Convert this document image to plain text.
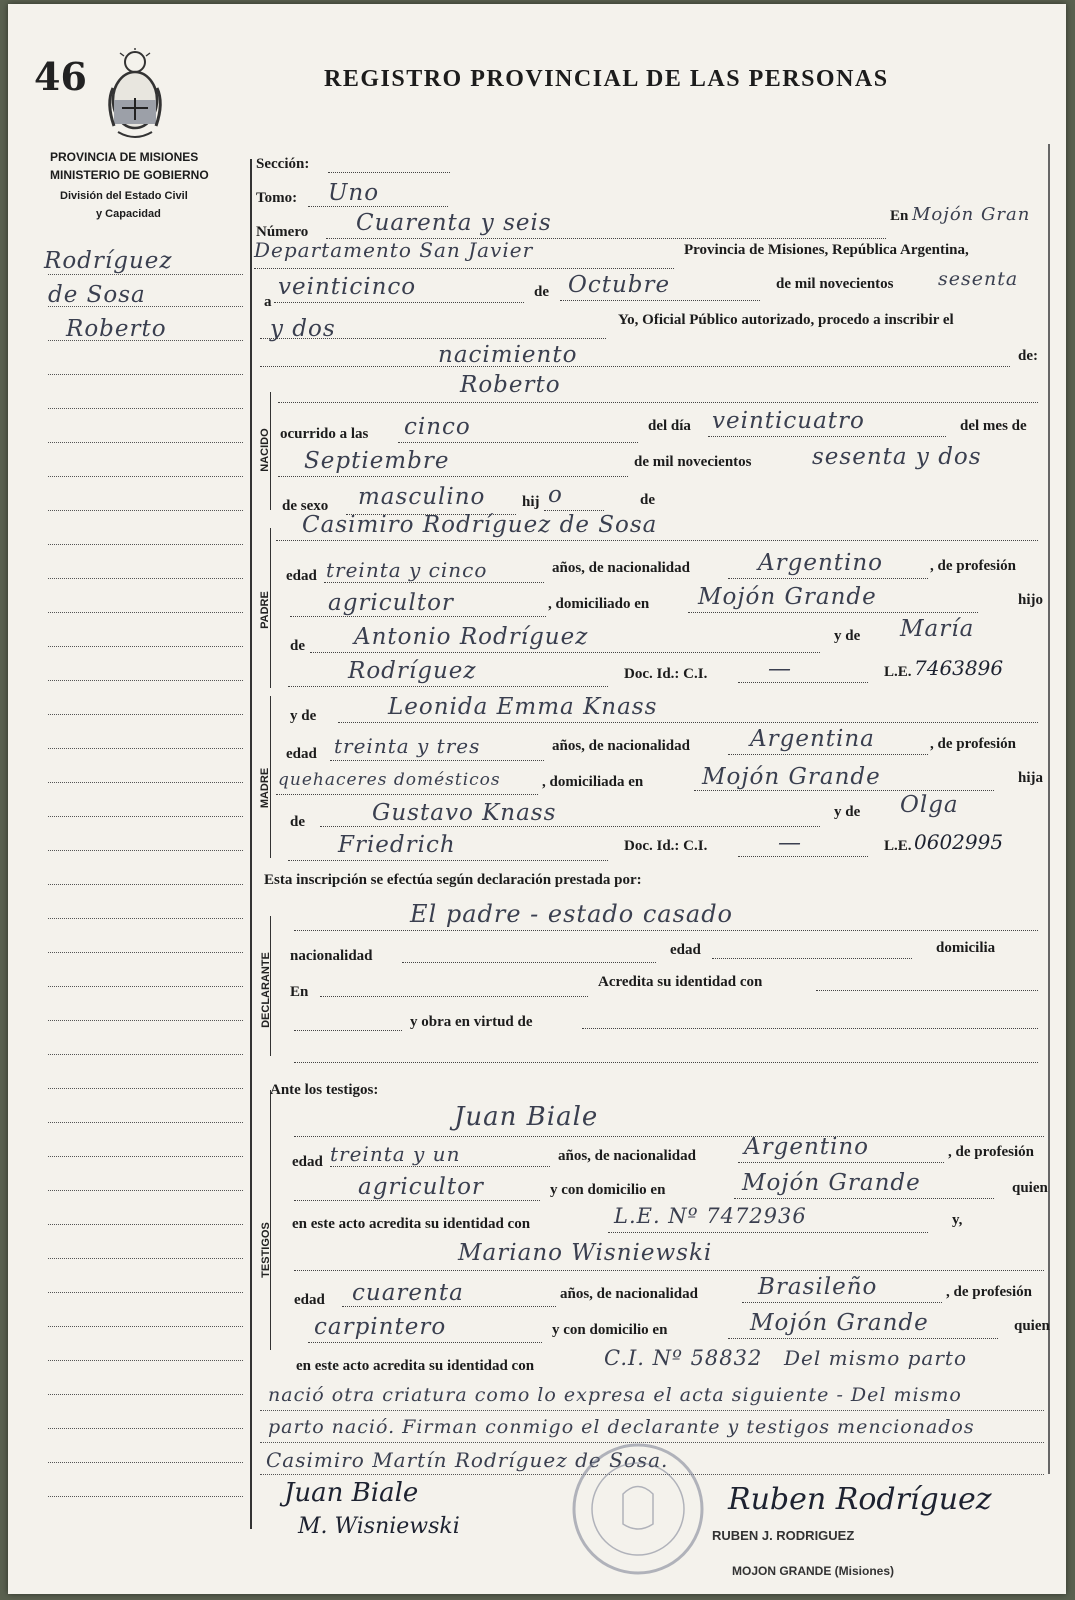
46	REGISTRO PROVINCIAL DE LAS PERSONAS
PROVINCIA DE MISIONES
MINISTERIO DE GOBIERNO
División del Estado Civil
y Capacidad
Rodríguez
de Sosa
Roberto
NACIDO
PADRE
MADRE
DECLARANTE
TESTIGOS
Sección:
Tomo: Uno
Número Cuarenta y seis	En Mojón Gran
Departamento San Javier	Provincia de Misiones, República Argentina,
a
veinticinco	de Octubre	de mil novecientos sesenta
y dos	Yo, Oficial Público autorizado, procedo a inscribir el
nacimiento	de:
Roberto
ocurrido a las cinco	del día veinticuatro	del mes de
Septiembre	de mil novecientos	sesenta y dos
de sexo masculino hij o	de
Casimiro Rodríguez de Sosa
edad treinta y cinco	años, de nacionalidad	Argentino	, de profesión
agricultor	, domiciliado en Mojón Grande	hijo
de Antonio Rodríguez	y de María
Rodríguez	Doc. Id.: C.I.	—	L.E. 7463896
y de	Leonida Emma Knass
edad treinta y tres	años, de nacionalidad	Argentina	, de profesión
quehaceres domésticos	, domiciliada en	Mojón Grande	hija
de	Gustavo Knass	y de Olga
Friedrich	Doc. Id.: C.I.	—	L.E. 0602995
Esta inscripción se efectúa según declaración prestada por:
El padre - estado casado
nacionalidad	edad	domicilia
En
Acredita su identidad con
y obra en virtud de
Ante los testigos:
Juan Biale
edad treinta y un	años, de nacionalidad Argentino	, de profesión
agricultor	y con domicilio en	Mojón Grande	quien
en este acto acredita su identidad con	L.E. Nº 7472936	y,
Mariano Wisniewski
edad cuarenta	años, de nacionalidad	Brasileño	, de profesión
carpintero	y con domicilio en	Mojón Grande	quien
en este acto acredita su identidad con	C.I. Nº 58832 Del mismo parto
nació otra criatura como lo expresa el acta siguiente - Del mismo
parto nació. Firman conmigo el declarante y testigos mencionados
Casimiro Martín Rodríguez de Sosa.
Juan Biale
M. Wisniewski
Ruben Rodríguez
RUBEN J. RODRIGUEZ
MOJON GRANDE (Misiones)
